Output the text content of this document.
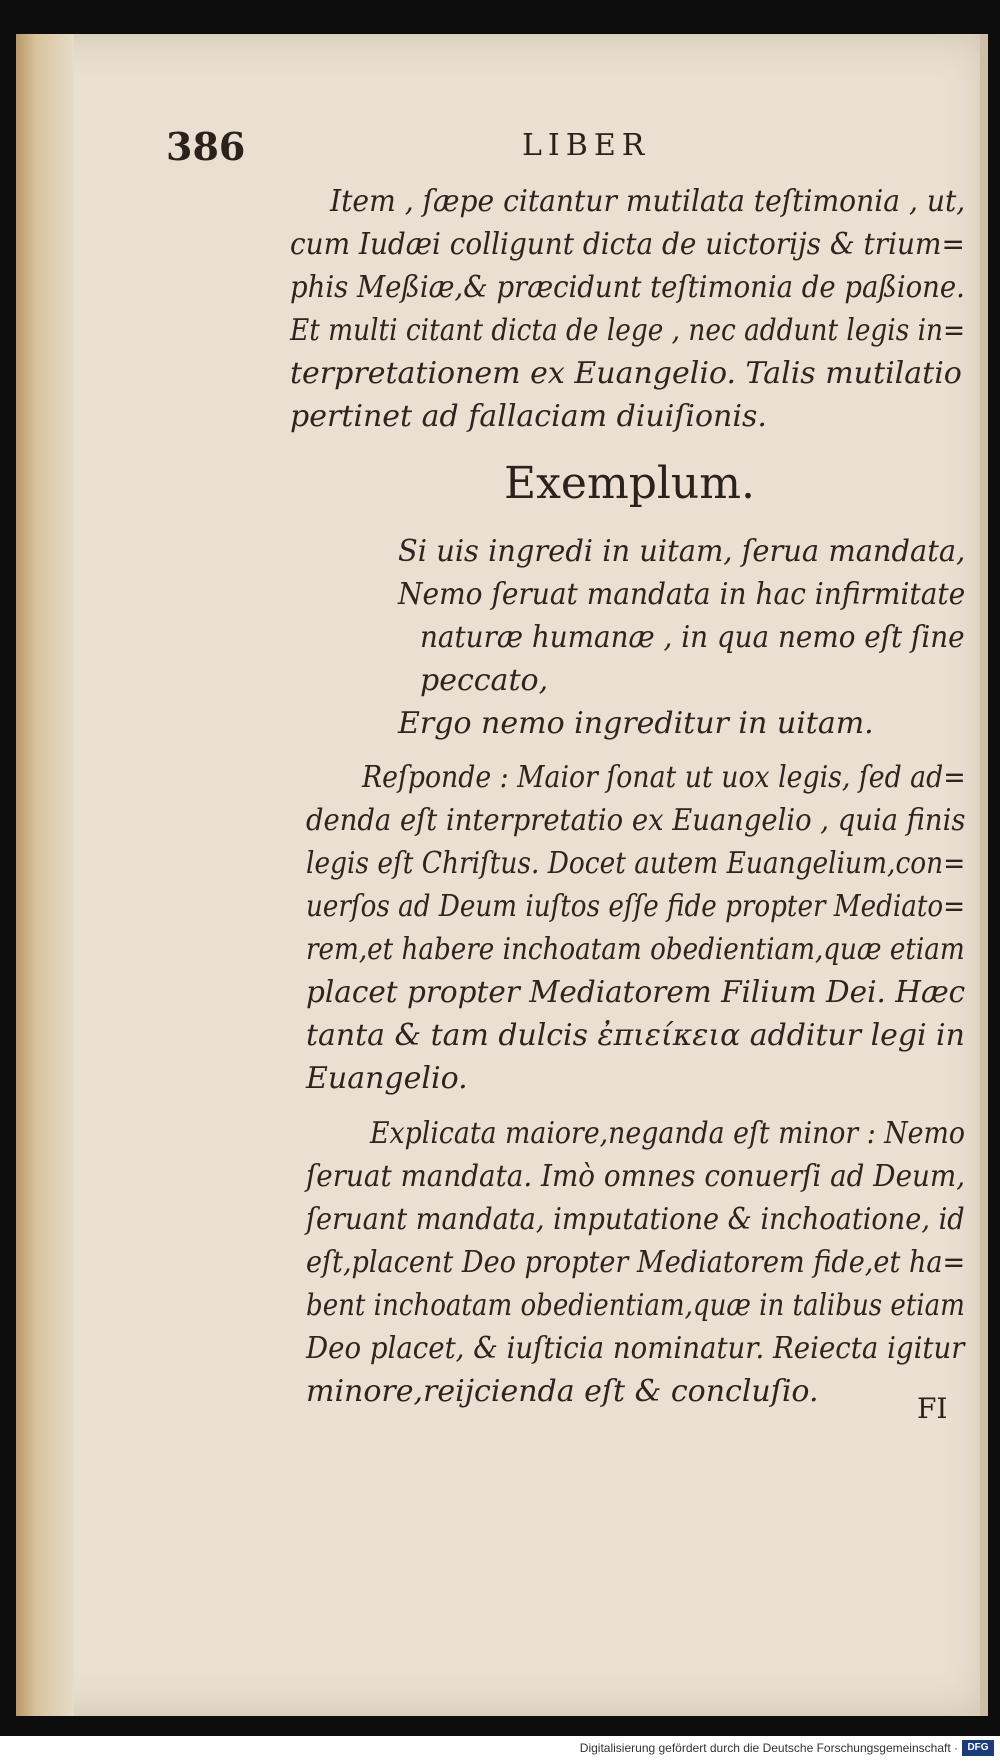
386	LIBER
Item , ſæpe citantur mutilata teſtimonia , ut,
cum Iudæi colligunt dicta de uictorijs & trium=
phis Meßiæ,& præcidunt teſtimonia de paßione.
Et multi citant dicta de lege , nec addunt legis in=
terpretationem ex Euangelio. Talis mutilatio
pertinet ad fallaciam diuiſionis.
Exemplum.
Si uis ingredi in uitam, ſerua mandata,
Nemo ſeruat mandata in hac infirmitate
naturæ humanæ , in qua nemo eſt ſine
peccato,
Ergo nemo ingreditur in uitam.
Reſponde : Maior ſonat ut uox legis, ſed ad=
denda eſt interpretatio ex Euangelio , quia finis
legis eſt Chriſtus. Docet autem Euangelium,con=
uerſos ad Deum iuſtos eſſe fide propter Mediato=
rem,et habere inchoatam obedientiam,quæ etiam
placet propter Mediatorem Filium Dei. Hæc
tanta & tam dulcis ἐπιείκεια additur legi in
Euangelio.
Explicata maiore,neganda eſt minor : Nemo
ſeruat mandata. Imò omnes conuerſi ad Deum,
ſeruant mandata, imputatione & inchoatione, id
eſt,placent Deo propter Mediatorem fide,et ha=
bent inchoatam obedientiam,quæ in talibus etiam
Deo placet, & iuſticia nominatur. Reiecta igitur
minore,reijcienda eſt & concluſio.	FI
Digitalisierung gefördert durch die Deutsche Forschungsgemeinschaft · DFG
